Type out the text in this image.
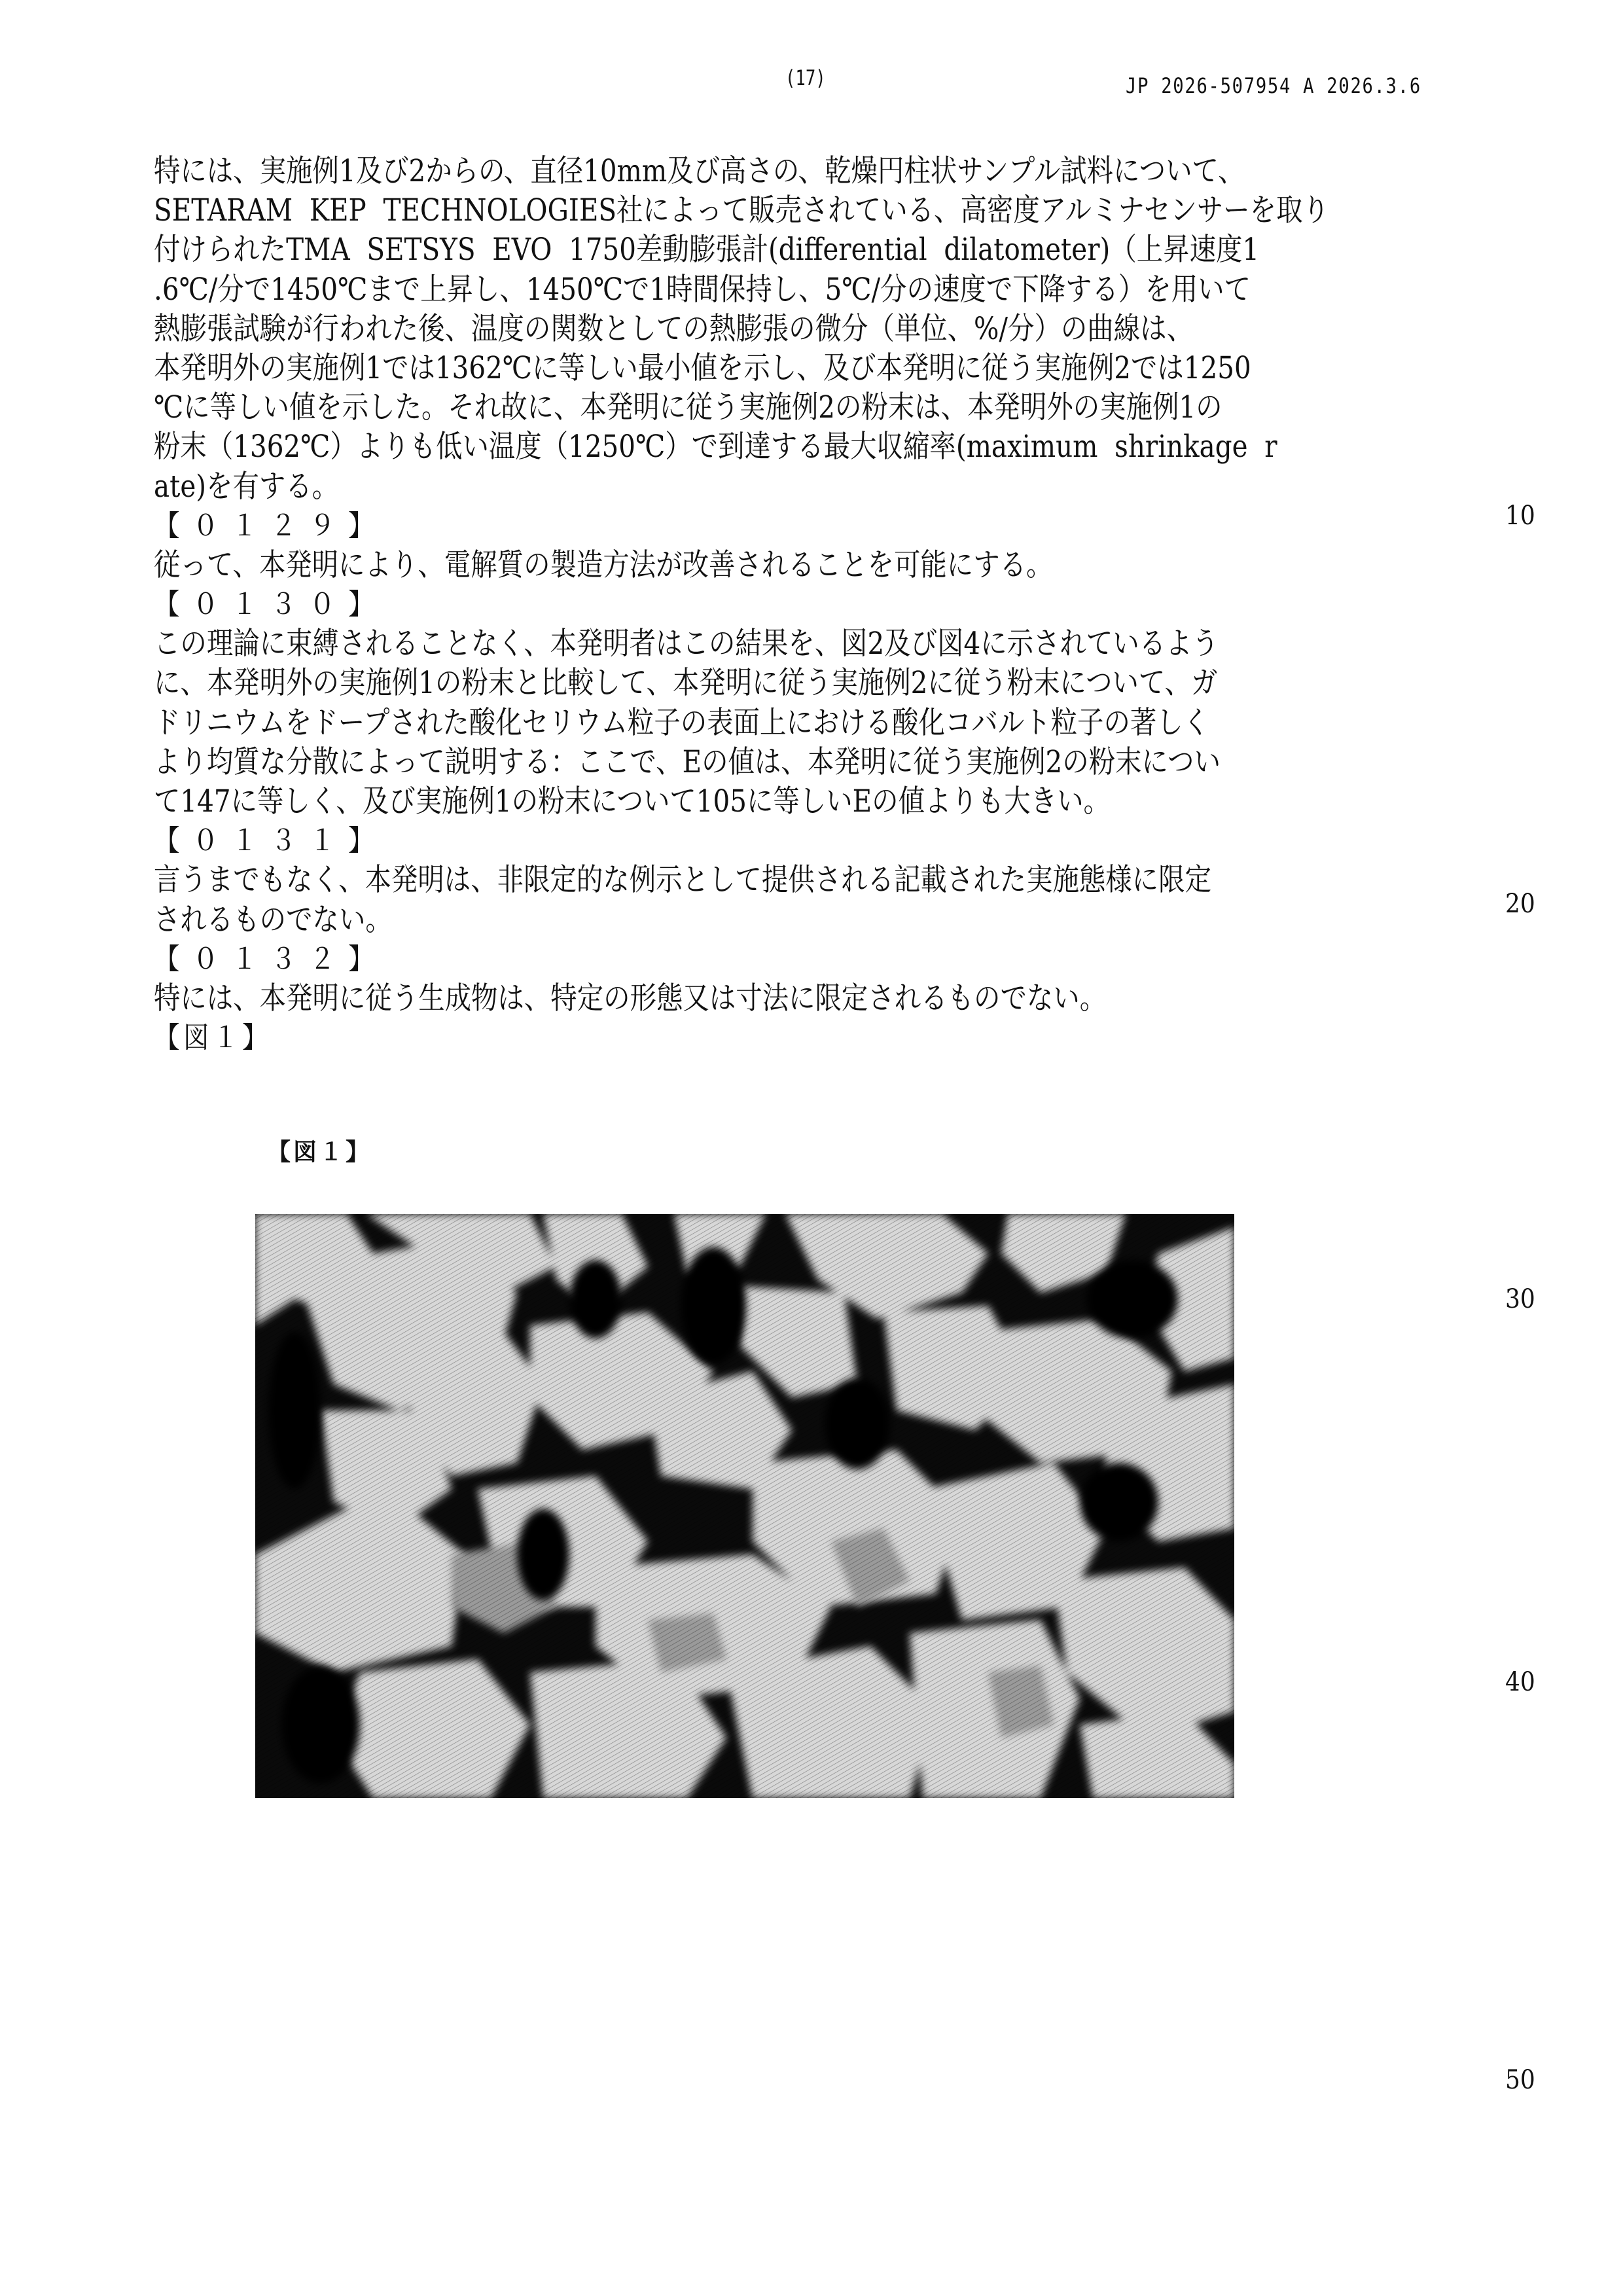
(17)	JP 2026-507954 A 2026.3.6
特には、実施例1及び2からの、直径10mm及び高さの、乾燥円柱状サンプル試料について、
SETARAM  KEP  TECHNOLOGIES社によって販売されている、高密度アルミナセンサーを取り
付けられたTMA  SETSYS  EVO  1750差動膨張計(differential  dilatometer)（上昇速度1
.6℃/分で1450℃まで上昇し、1450℃で1時間保持し、5℃/分の速度で下降する）を用いて
熱膨張試験が行われた後、温度の関数としての熱膨張の微分（単位、%/分）の曲線は、
本発明外の実施例1では1362℃に等しい最小値を示し、及び本発明に従う実施例2では1250
℃に等しい値を示した。それ故に、本発明に従う実施例2の粉末は、本発明外の実施例1の
粉末（1362℃）よりも低い温度（1250℃）で到達する最大収縮率(maximum  shrinkage  r
ate)を有する。
【０１２９】
従って、本発明により、電解質の製造方法が改善されることを可能にする。
【０１３０】
この理論に束縛されることなく、本発明者はこの結果を、図2及び図4に示されているよう
に、本発明外の実施例1の粉末と比較して、本発明に従う実施例2に従う粉末について、ガ
ドリニウムをドープされた酸化セリウム粒子の表面上における酸化コバルト粒子の著しく
より均質な分散によって説明する：ここで、Eの値は、本発明に従う実施例2の粉末につい
て147に等しく、及び実施例1の粉末について105に等しいEの値よりも大きい。
【０１３１】
言うまでもなく、本発明は、非限定的な例示として提供される記載された実施態様に限定
されるものでない。
【０１３２】
特には、本発明に従う生成物は、特定の形態又は寸法に限定されるものでない。
【図１】
10
20
30
40
50
【図１】
